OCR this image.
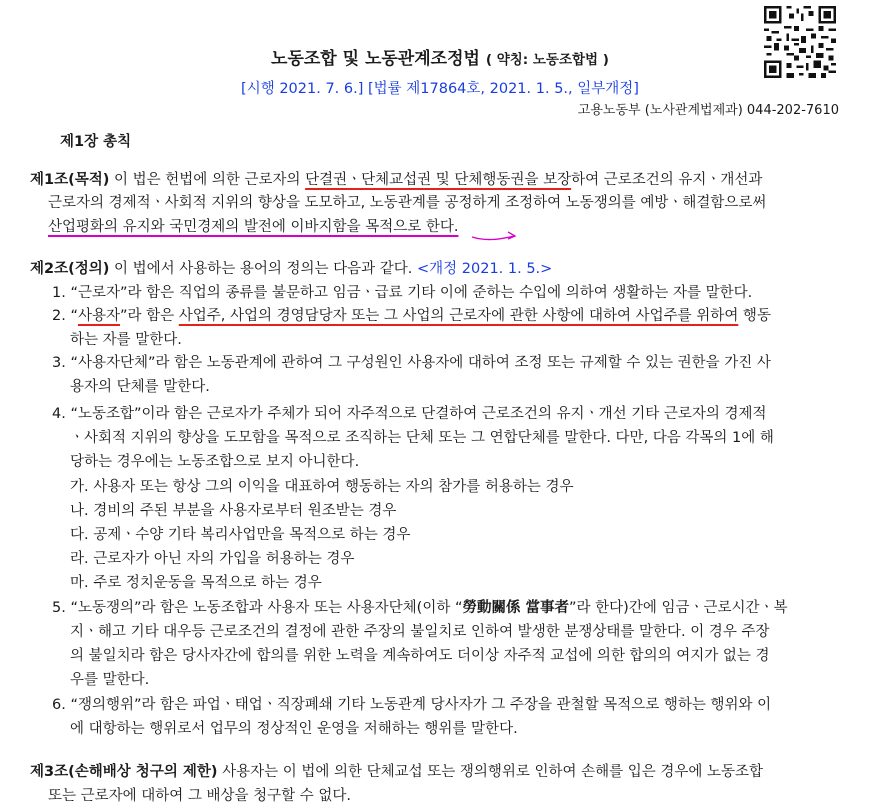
노동조합 및 노동관계조정법 ( 약칭: 노동조합법 )
[시행 2021. 7. 6.] [법률 제17864호, 2021. 1. 5., 일부개정]
고용노동부 (노사관계법제과) 044-202-7610
제1장 총칙
제1조(목적) 이 법은 헌법에 의한 근로자의 단결권ㆍ단체교섭권 및 단체행동권을 보장하여 근로조건의 유지ㆍ개선과
근로자의 경제적ㆍ사회적 지위의 향상을 도모하고, 노동관계를 공정하게 조정하여 노동쟁의를 예방ㆍ해결함으로써
산업평화의 유지와 국민경제의 발전에 이바지함을 목적으로 한다.
제2조(정의) 이 법에서 사용하는 용어의 정의는 다음과 같다. <개정 2021. 1. 5.>
1. “근로자”라 함은 직업의 종류를 불문하고 임금ㆍ급료 기타 이에 준하는 수입에 의하여 생활하는 자를 말한다.
2. “사용자”라 함은 사업주, 사업의 경영담당자 또는 그 사업의 근로자에 관한 사항에 대하여 사업주를 위하여 행동
하는 자를 말한다.
3. “사용자단체”라 함은 노동관계에 관하여 그 구성원인 사용자에 대하여 조정 또는 규제할 수 있는 권한을 가진 사
용자의 단체를 말한다.
4. “노동조합”이라 함은 근로자가 주체가 되어 자주적으로 단결하여 근로조건의 유지ㆍ개선 기타 근로자의 경제적
ㆍ사회적 지위의 향상을 도모함을 목적으로 조직하는 단체 또는 그 연합단체를 말한다. 다만, 다음 각목의 1에 해
당하는 경우에는 노동조합으로 보지 아니한다.
가. 사용자 또는 항상 그의 이익을 대표하여 행동하는 자의 참가를 허용하는 경우
나. 경비의 주된 부분을 사용자로부터 원조받는 경우
다. 공제ㆍ수양 기타 복리사업만을 목적으로 하는 경우
라. 근로자가 아닌 자의 가입을 허용하는 경우
마. 주로 정치운동을 목적으로 하는 경우
5. “노동쟁의”라 함은 노동조합과 사용자 또는 사용자단체(이하 “勞動關係 當事者”라 한다)간에 임금ㆍ근로시간ㆍ복
지ㆍ해고 기타 대우등 근로조건의 결정에 관한 주장의 불일치로 인하여 발생한 분쟁상태를 말한다. 이 경우 주장
의 불일치라 함은 당사자간에 합의를 위한 노력을 계속하여도 더이상 자주적 교섭에 의한 합의의 여지가 없는 경
우를 말한다.
6. “쟁의행위”라 함은 파업ㆍ태업ㆍ직장폐쇄 기타 노동관계 당사자가 그 주장을 관철할 목적으로 행하는 행위와 이
에 대항하는 행위로서 업무의 정상적인 운영을 저해하는 행위를 말한다.
제3조(손해배상 청구의 제한) 사용자는 이 법에 의한 단체교섭 또는 쟁의행위로 인하여 손해를 입은 경우에 노동조합
또는 근로자에 대하여 그 배상을 청구할 수 없다.
